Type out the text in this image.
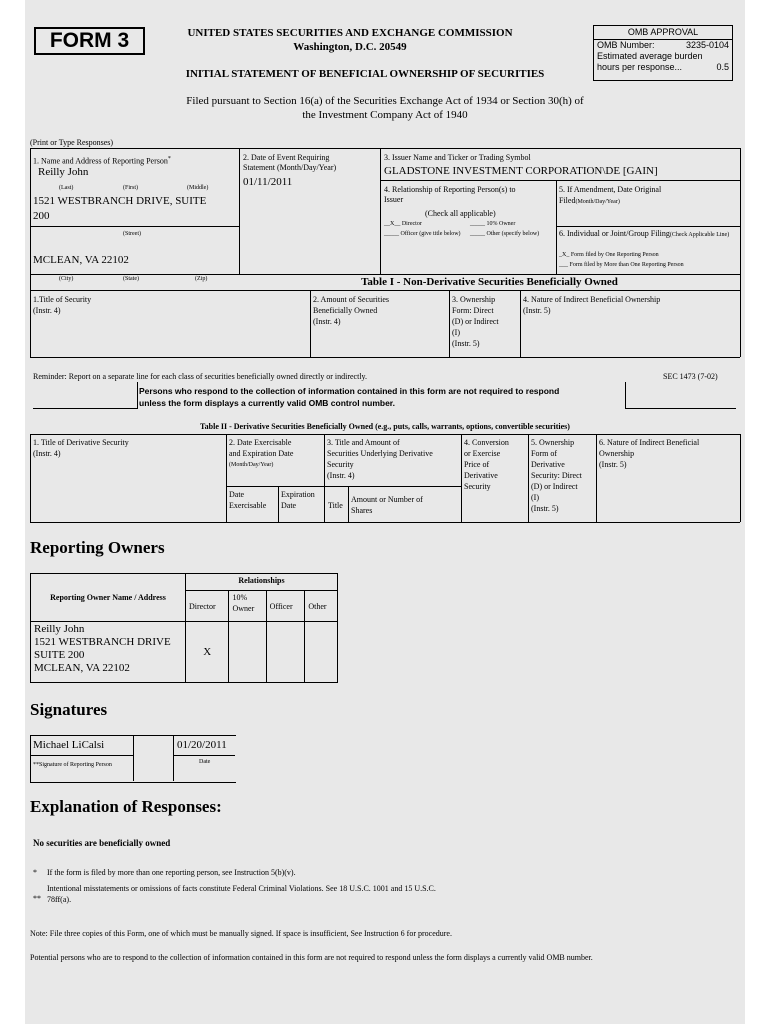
FORM 3	UNITED STATES SECURITIES AND EXCHANGE COMMISSION
Washington, D.C. 20549
INITIAL STATEMENT OF BENEFICIAL OWNERSHIP OF SECURITIES
OMB APPROVAL
OMB Number:	3235-0104
Estimated average burden
hours per response...	0.5
Filed pursuant to Section 16(a) of the Securities Exchange Act of 1934 or Section 30(h) of
the Investment Company Act of 1940
(Print or Type Responses)
1. Name and Address of Reporting Person*
Reilly John
(Last)	(First)	(Middle)
1521 WESTBRANCH DRIVE, SUITE
200
(Street)
MCLEAN, VA 22102
(City)	(State)	(Zip)
2. Date of Event Requiring
Statement (Month/Day/Year)
01/11/2011
3. Issuer Name and Ticker or Trading Symbol
GLADSTONE INVESTMENT CORPORATION\DE [GAIN]
4. Relationship of Reporting Person(s) to
Issuer
(Check all applicable)
__X__ Director	_____ 10% Owner
_____ Officer (give title below)	_____ Other (specify below)
5. If Amendment, Date Original
Filed(Month/Day/Year)
6. Individual or Joint/Group Filing(Check Applicable Line)
_X_ Form filed by One Reporting Person
___ Form filed by More than One Reporting Person
Table I - Non-Derivative Securities Beneficially Owned
1.Title of Security
(Instr. 4)
2. Amount of Securities
Beneficially Owned
(Instr. 4)
3. Ownership
Form: Direct
(D) or Indirect
(I)
(Instr. 5)
4. Nature of Indirect Beneficial Ownership
(Instr. 5)
Reminder: Report on a separate line for each class of securities beneficially owned directly or indirectly.	SEC 1473 (7-02)
Persons who respond to the collection of information contained in this form are not required to respond
unless the form displays a currently valid OMB control number.
Table II - Derivative Securities Beneficially Owned (e.g., puts, calls, warrants, options, convertible securities)
1. Title of Derivative Security
(Instr. 4)
2. Date Exercisable
and Expiration Date
(Month/Day/Year)
3. Title and Amount of
Securities Underlying Derivative
Security
(Instr. 4)
4. Conversion
or Exercise
Price of
Derivative
Security
5. Ownership
Form of
Derivative
Security: Direct
(D) or Indirect
(I)
(Instr. 5)
6. Nature of Indirect Beneficial
Ownership
(Instr. 5)
Date
Exercisable
Expiration
Date	Title
Amount or Number of
Shares
Reporting Owners
Reporting Owner Name / Address	Relationships			
	Director	10%
Owner	Officer	Other
Reilly John
1521 WESTBRANCH DRIVE
SUITE 200
MCLEAN, VA 22102	X			
Signatures
Michael LiCalsi	01/20/2011
**Signature of Reporting Person	Date
Explanation of Responses:
No securities are beneficially owned
* If the form is filed by more than one reporting person, see Instruction 5(b)(v).
**
Intentional misstatements or omissions of facts constitute Federal Criminal Violations. See 18 U.S.C. 1001 and 15 U.S.C.
78ff(a).
Note: File three copies of this Form, one of which must be manually signed. If space is insufficient, See Instruction 6 for procedure.
Potential persons who are to respond to the collection of information contained in this form are not required to respond unless the form displays a currently valid OMB number.
